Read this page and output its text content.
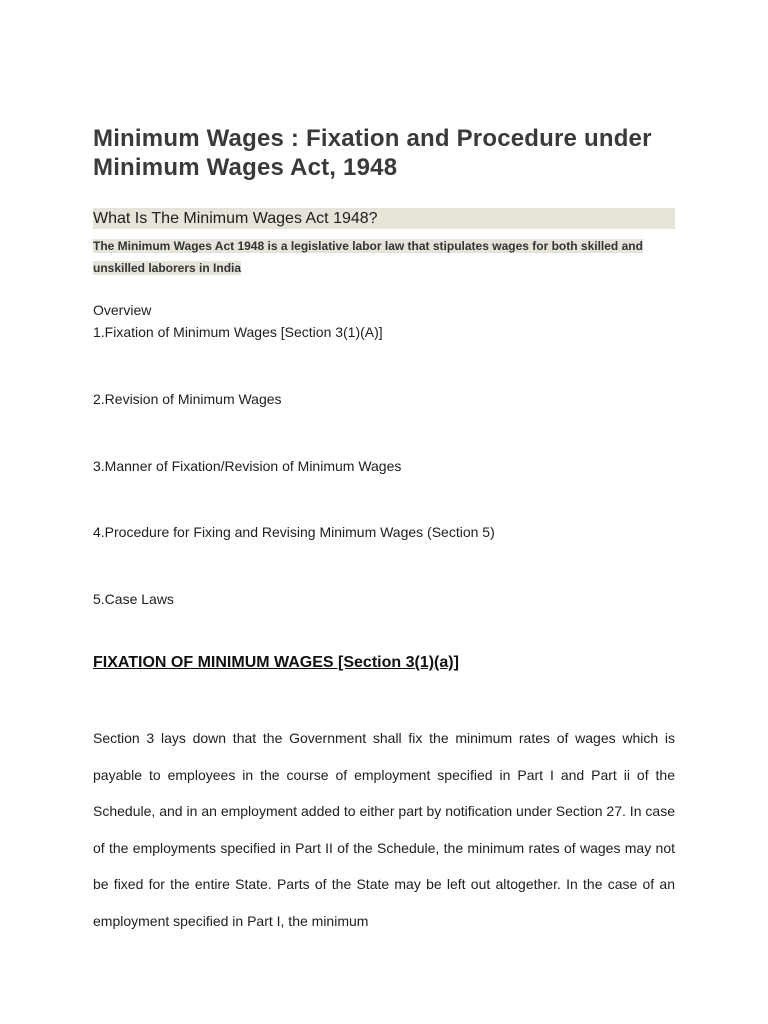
Minimum Wages : Fixation and Procedure under Minimum Wages Act, 1948
What Is The Minimum Wages Act 1948?

The Minimum Wages Act 1948 is a legislative labor law that stipulates wages for both skilled and unskilled laborers in India

Overview

1.Fixation of Minimum Wages [Section 3(1)(A)]

2.Revision of Minimum Wages

3.Manner of Fixation/Revision of Minimum Wages

4.Procedure for Fixing and Revising Minimum Wages (Section 5)

5.Case Laws

FIXATION OF MINIMUM WAGES [Section 3(1)(a)]

Section 3 lays down that the Government shall fix the minimum rates of wages which is payable to employees in the course of employment specified in Part I and Part ii of the Schedule, and in an employment added to either part by notification under Section 27. In case of the employments specified in Part II of the Schedule, the minimum rates of wages may not be fixed for the entire State. Parts of the State may be left out altogether. In the case of an employment specified in Part I, the minimum
